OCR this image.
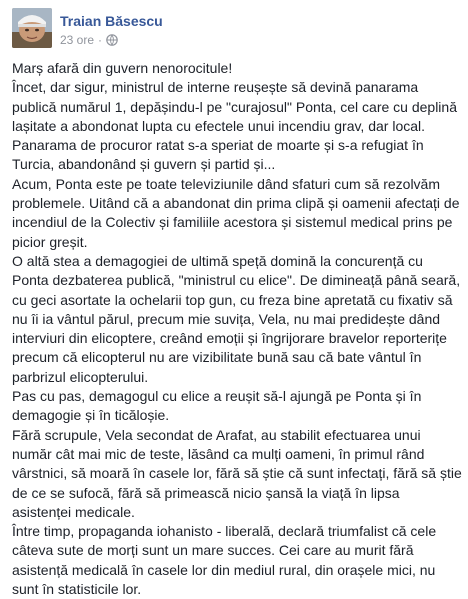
Traian Băsescu
23 ore ·

Marș afară din guvern nenorocitule!

Încet, dar sigur, ministrul de interne reușește să devină panarama

publică numărul 1, depășindu-l pe "curajosul" Ponta, cel care cu deplină

lașitate a abondonat lupta cu efectele unui incendiu grav, dar local.

Panarama de procuror ratat s-a speriat de moarte și s-a refugiat în

Turcia, abandonând și guvern și partid și...

Acum, Ponta este pe toate televiziunile dând sfaturi cum să rezolvăm

problemele. Uitând că a abandonat din prima clipă și oamenii afectați de

incendiul de la Colectiv și familiile acestora și sistemul medical prins pe

picior greșit.

O altă stea a demagogiei de ultimă speță domină la concurență cu

Ponta dezbaterea publică, "ministrul cu elice". De dimineață până seară,

cu geci asortate la ochelarii top gun, cu freza bine apretată cu fixativ să

nu îi ia vântul părul, precum mie suvița, Vela, nu mai predidește dând

interviuri din elicoptere, creând emoții și îngrijorare bravelor reporterițe

precum că elicopterul nu are vizibilitate bună sau că bate vântul în

parbrizul elicopterului.

Pas cu pas, demagogul cu elice a reușit să-l ajungă pe Ponta și în

demagogie și în ticăloșie.

Fără scrupule, Vela secondat de Arafat, au stabilit efectuarea unui

număr cât mai mic de teste, lăsând ca mulți oameni, în primul rând

vârstnici, să moară în casele lor, fără să știe că sunt infectați, fără să știe

de ce se sufocă, fără să primească nicio șansă la viață în lipsa

asistenței medicale.

Între timp, propaganda iohanisto - liberală, declară triumfalist că cele

câteva sute de morți sunt un mare succes. Cei care au murit fără

asistență medicală în casele lor din mediul rural, din orașele mici, nu

sunt în statisticile lor.
